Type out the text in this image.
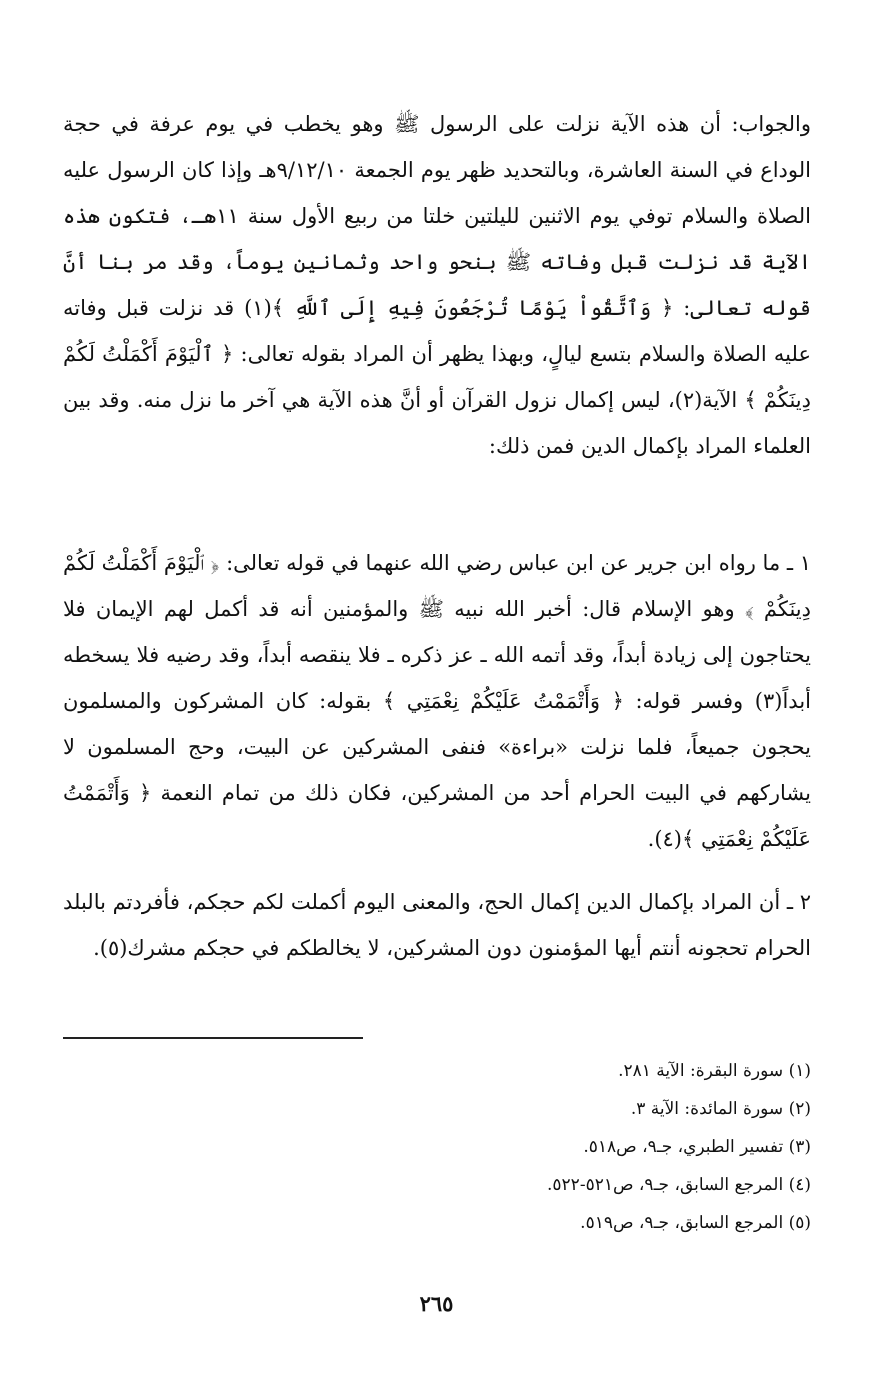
والجواب: أن هذه الآية نزلت على الرسول ﷺ وهو يخطب في يوم عرفة في حجة الوداع في السنة العاشرة، وبالتحديد ظهر يوم الجمعة ٩/١٢/١٠هـ وإذا كان الرسول عليه الصلاة والسلام توفي يوم الاثنين لليلتين خلتا من ربيع الأول سنة ١١هـ، فتكون هذه الآية قد نزلت قبل وفاته ﷺ بنحو واحد وثمانين يوماً، وقد مر بنا أنَّ قوله تعالى: ﴿ وَٱتَّقُواْ يَوْمًا تُرْجَعُونَ فِيهِ إِلَى ٱللَّهِ ﴾(١) قد نزلت قبل وفاته عليه الصلاة والسلام بتسع ليالٍ، وبهذا يظهر أن المراد بقوله تعالى: ﴿ ٱلْيَوْمَ أَكْمَلْتُ لَكُمْ دِينَكُمْ ﴾ الآية(٢)، ليس إكمال نزول القرآن أو أنَّ هذه الآية هي آخر ما نزل منه. وقد بين العلماء المراد بإكمال الدين فمن ذلك:

١ ـ ما رواه ابن جرير عن ابن عباس رضي الله عنهما في قوله تعالى: ﴿ ٱلْيَوْمَ أَكْمَلْتُ لَكُمْ دِينَكُمْ ﴾ وهو الإسلام قال: أخبر الله نبيه ﷺ والمؤمنين أنه قد أكمل لهم الإيمان فلا يحتاجون إلى زيادة أبداً، وقد أتمه الله ـ عز ذكره ـ فلا ينقصه أبداً، وقد رضيه فلا يسخطه أبداً(٣) وفسر قوله: ﴿ وَأَتْمَمْتُ عَلَيْكُمْ نِعْمَتِي ﴾ بقوله: كان المشركون والمسلمون يحجون جميعاً، فلما نزلت «براءة» فنفى المشركين عن البيت، وحج المسلمون لا يشاركهم في البيت الحرام أحد من المشركين، فكان ذلك من تمام النعمة ﴿ وَأَتْمَمْتُ عَلَيْكُمْ نِعْمَتِي ﴾(٤).

٢ ـ أن المراد بإكمال الدين إكمال الحج، والمعنى اليوم أكملت لكم حجكم، فأفردتم بالبلد الحرام تحجونه أنتم أيها المؤمنون دون المشركين، لا يخالطكم في حجكم مشرك(٥).

(١) سورة البقرة: الآية ٢٨١.
(٢) سورة المائدة: الآية ٣.
(٣) تفسير الطبري، جـ٩، ص٥١٨.
(٤) المرجع السابق، جـ٩، ص٥٢١-٥٢٢.
(٥) المرجع السابق، جـ٩، ص٥١٩.
٢٦٥
